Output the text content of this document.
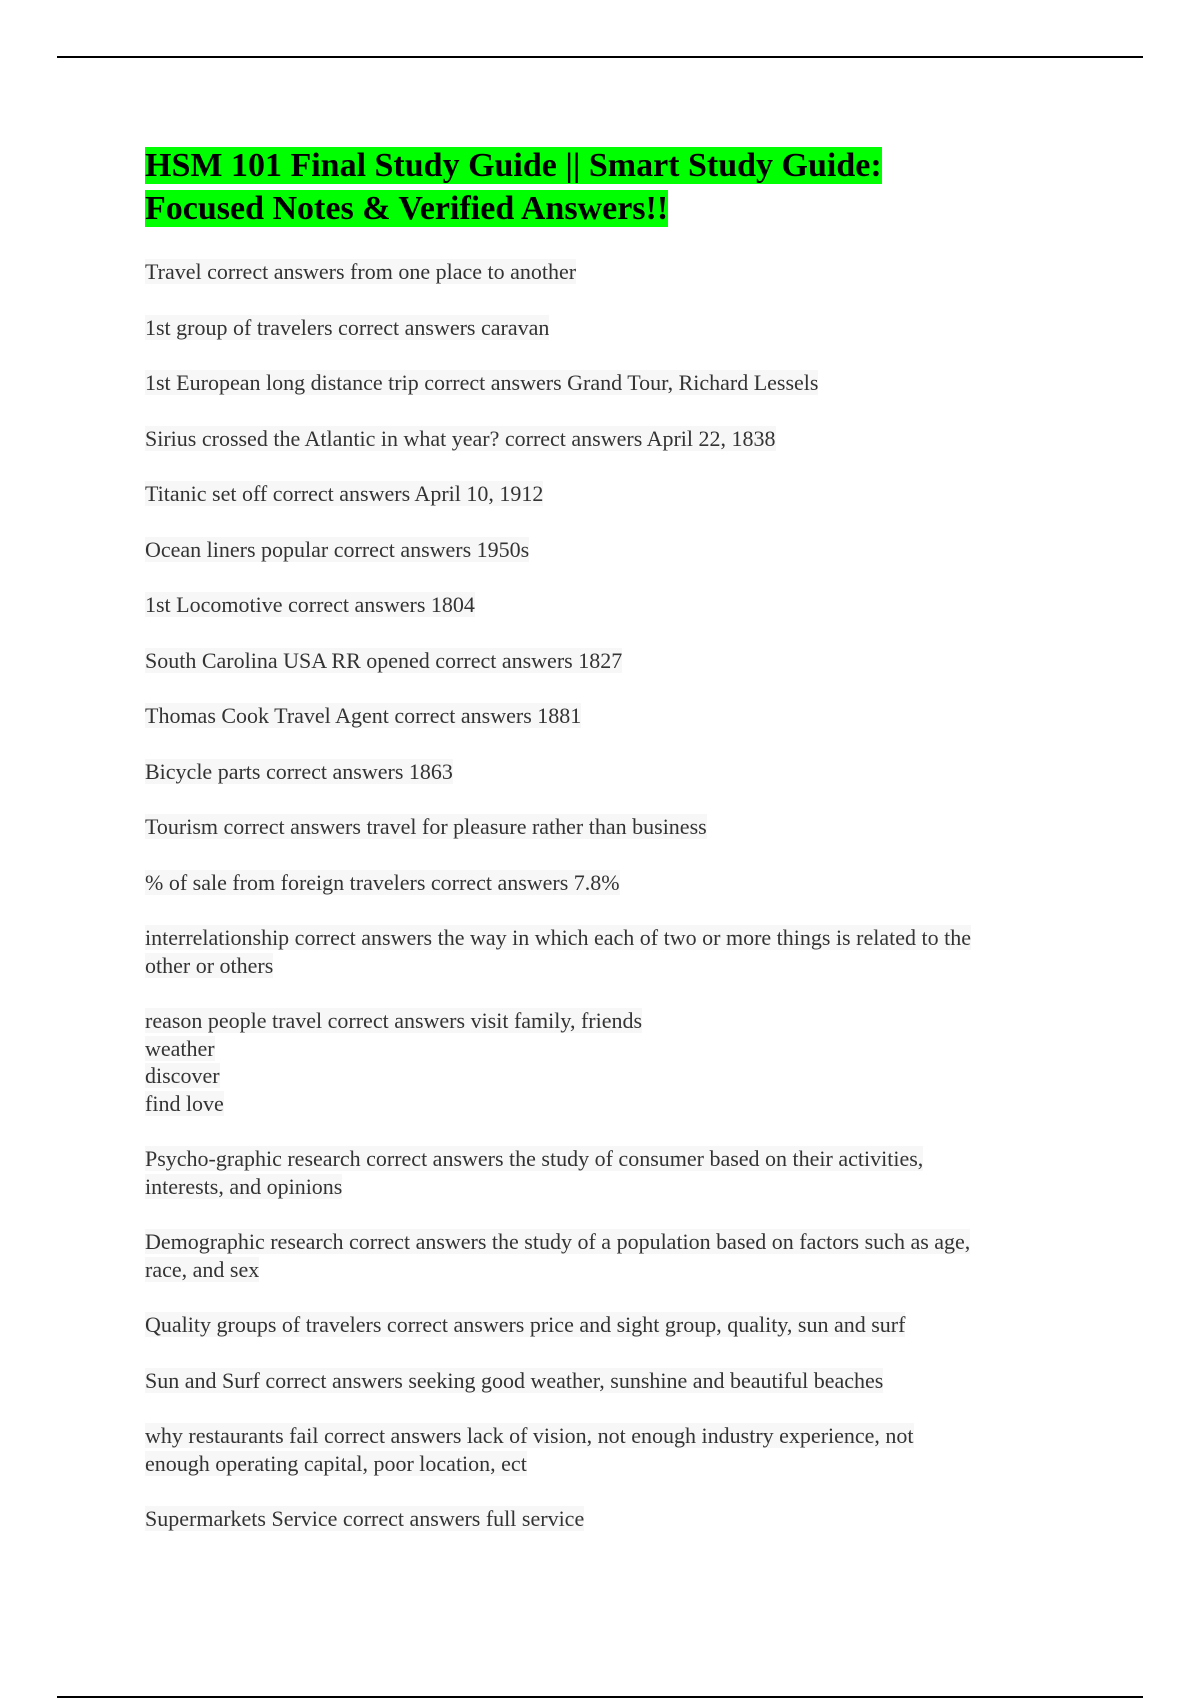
HSM 101 Final Study Guide || Smart Study Guide:
Focused Notes & Verified Answers!!
Travel correct answers from one place to another
1st group of travelers correct answers caravan
1st European long distance trip correct answers Grand Tour, Richard Lessels
Sirius crossed the Atlantic in what year? correct answers April 22, 1838
Titanic set off correct answers April 10, 1912
Ocean liners popular correct answers 1950s
1st Locomotive correct answers 1804
South Carolina USA RR opened correct answers 1827
Thomas Cook Travel Agent correct answers 1881
Bicycle parts correct answers 1863
Tourism correct answers travel for pleasure rather than business
% of sale from foreign travelers correct answers 7.8%
interrelationship correct answers the way in which each of two or more things is related to the
other or others
reason people travel correct answers visit family, friends
weather
discover
find love
Psycho-graphic research correct answers the study of consumer based on their activities,
interests, and opinions
Demographic research correct answers the study of a population based on factors such as age,
race, and sex
Quality groups of travelers correct answers price and sight group, quality, sun and surf
Sun and Surf correct answers seeking good weather, sunshine and beautiful beaches
why restaurants fail correct answers lack of vision, not enough industry experience, not
enough operating capital, poor location, ect
Supermarkets Service correct answers full service
